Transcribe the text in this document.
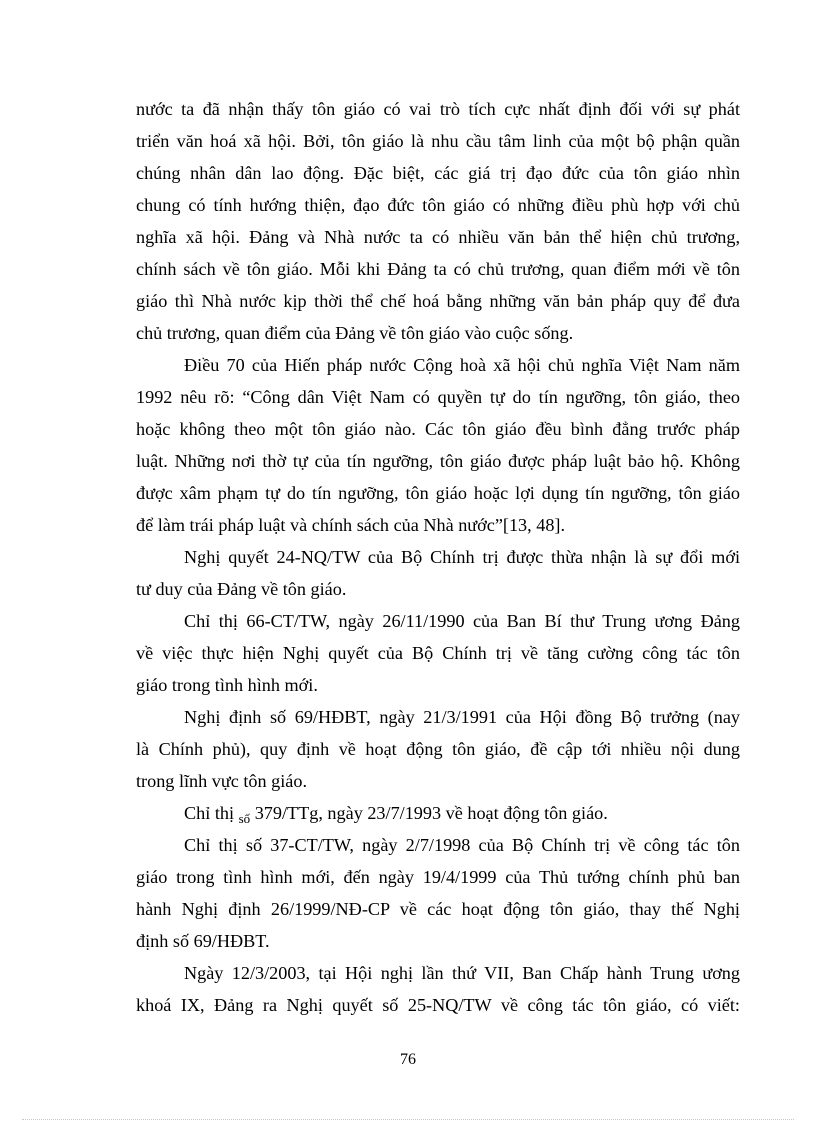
nước ta đã nhận thấy tôn giáo có vai trò tích cực nhất định đối với sự phát
triển văn hoá xã hội. Bởi, tôn giáo là nhu cầu tâm linh của một bộ phận quần
chúng nhân dân lao động. Đặc biệt, các giá trị đạo đức của tôn giáo nhìn
chung có tính hướng thiện, đạo đức tôn giáo có những điều phù hợp với chủ
nghĩa xã hội. Đảng và Nhà nước ta có nhiều văn bản thể hiện chủ trương,
chính sách về tôn giáo. Mỗi khi Đảng ta có chủ trương, quan điểm mới về tôn
giáo thì Nhà nước kịp thời thể chế hoá bằng những văn bản pháp quy để đưa
chủ trương, quan điểm của Đảng về tôn giáo vào cuộc sống.
Điều 70 của Hiến pháp nước Cộng hoà xã hội chủ nghĩa Việt Nam năm
1992 nêu rõ: “Công dân Việt Nam có quyền tự do tín ngưỡng, tôn giáo, theo
hoặc không theo một tôn giáo nào. Các tôn giáo đều bình đẳng trước pháp
luật. Những nơi thờ tự của tín ngưỡng, tôn giáo được pháp luật bảo hộ. Không
được xâm phạm tự do tín ngưỡng, tôn giáo hoặc lợi dụng tín ngưỡng, tôn giáo
để làm trái pháp luật và chính sách của Nhà nước”[13, 48].
Nghị quyết 24-NQ/TW của Bộ Chính trị được thừa nhận là sự đổi mới
tư duy của Đảng về tôn giáo.
Chỉ thị 66-CT/TW, ngày 26/11/1990 của Ban Bí thư Trung ương Đảng
về việc thực hiện Nghị quyết của Bộ Chính trị về tăng cường công tác tôn
giáo trong tình hình mới.
Nghị định số 69/HĐBT, ngày 21/3/1991 của Hội đồng Bộ trưởng (nay
là Chính phủ), quy định về hoạt động tôn giáo, đề cập tới nhiều nội dung
trong lĩnh vực tôn giáo.
Chỉ thị $_{số}$ 379/TTg, ngày 23/7/1993 về hoạt động tôn giáo.
Chỉ thị số 37-CT/TW, ngày 2/7/1998 của Bộ Chính trị về công tác tôn
giáo trong tình hình mới, đến ngày 19/4/1999 của Thủ tướng chính phủ ban
hành Nghị định 26/1999/NĐ-CP về các hoạt động tôn giáo, thay thế Nghị
định số 69/HĐBT.
Ngày 12/3/2003, tại Hội nghị lần thứ VII, Ban Chấp hành Trung ương
khoá IX, Đảng ra Nghị quyết số 25-NQ/TW về công tác tôn giáo, có viết:
76
